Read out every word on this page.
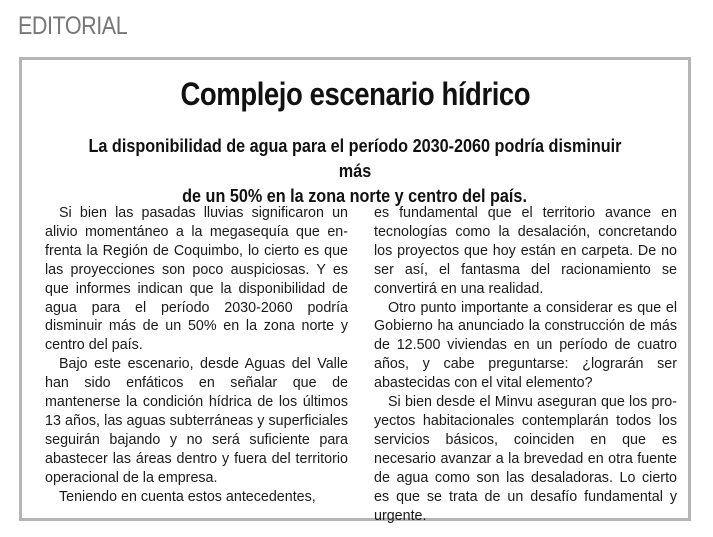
EDITORIAL
Complejo escenario hídrico
La disponibilidad de agua para el período 2030-2060 podría disminuir más
de un 50% en la zona norte y centro del país.

Si bien las pasadas lluvias significaron un alivio momentáneo a la megasequía que enfrenta la Región de Coquimbo, lo cierto es que las proyecciones son poco auspiciosas. Y es que informes indican que la disponibilidad de agua para el período 2030-2060 podría disminuir más de un 50% en la zona norte y centro del país.

Bajo este escenario, desde Aguas del Valle han sido enfáticos en señalar que de mantenerse la condición hídrica de los últimos 13 años, las aguas subterráneas y superficiales seguirán bajando y no será suficiente para abastecer las áreas dentro y fuera del territorio operacional de la empresa.

Teniendo en cuenta estos antecedentes,

es fundamental que el territorio avance en tecnologías como la desalación, concretando los proyectos que hoy están en carpeta. De no ser así, el fantasma del racionamiento se convertirá en una realidad.

Otro punto importante a considerar es que el Gobierno ha anunciado la construcción de más de 12.500 viviendas en un período de cuatro años, y cabe preguntarse: ¿lograrán ser abastecidas con el vital elemento?

Si bien desde el Minvu aseguran que los proyectos habitacionales contemplarán todos los servicios básicos, coinciden en que es necesario avanzar a la brevedad en otra fuente de agua como son las desaladoras. Lo cierto es que se trata de un desafío fundamental y urgente.
